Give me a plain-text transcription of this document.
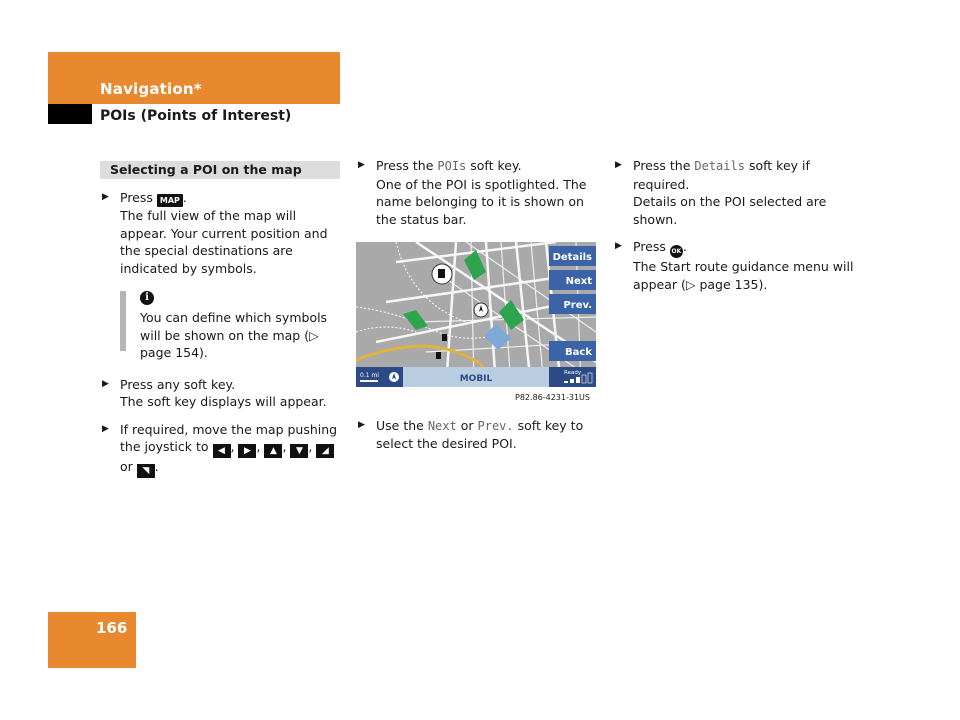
Navigation*
POIs (Points of Interest)
166
Selecting a POI on the map
▶ Press MAP .

The full view of the map will appear. Your current position and the special destinations are indicated by symbols.

i

You can define which symbols will be shown on the map (▷ page 154).

▶ Press any soft key.

The soft key displays will appear.

▶ If required, move the map pushing the joystick to ◀ , ▶ , ▲ , ▼ , ◢ or ◥ .
▶ Press the POIs soft key.

One of the POI is spotlighted. The name belonging to it is shown on the status bar.

Details
Next
Prev.
Back
0.1 mi	MOBIL
Ready
P82.86-4231-31US
▶ Use the Next or Prev. soft key to select the desired POI.
▶ Press the Details soft key if required.

Details on the POI selected are shown.

▶ Press OK .

The Start route guidance menu will appear (▷ page 135).
